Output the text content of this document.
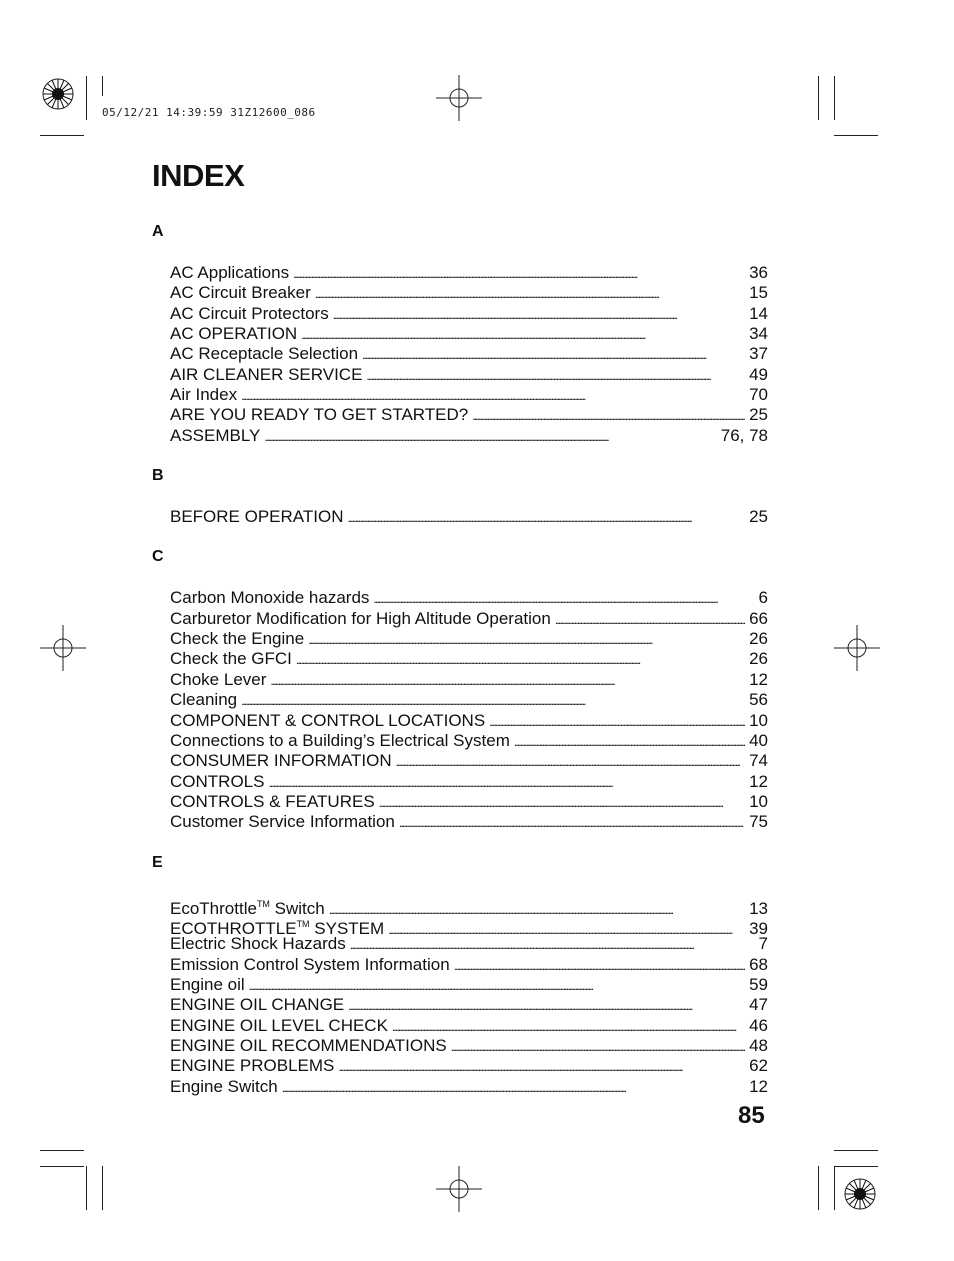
05/12/21 14:39:59 31Z12600_086
INDEX
A
AC Applications . . .	36
AC Circuit Breaker . . .	15
AC Circuit Protectors . . .	14
AC OPERATION . . .	34
AC Receptacle Selection . . .	37
AIR CLEANER SERVICE . . .	49
Air Index . . .	70
ARE YOU READY TO GET STARTED? . . .	25
ASSEMBLY . . .	76, 78
B
BEFORE OPERATION . . .	25
C
Carbon Monoxide hazards . . .	6
Carburetor Modification for High Altitude Operation . . .	66
Check the Engine . . .	26
Check the GFCI . . .	26
Choke Lever . . .	12
Cleaning . . .	56
COMPONENT & CONTROL LOCATIONS . . .	10
Connections to a Building’s Electrical System . . .	40
CONSUMER INFORMATION . . .	74
CONTROLS . . .	12
CONTROLS & FEATURES . . .	10
Customer Service Information . . .	75
E
EcoThrottle™ Switch . . .	13
ECOTHROTTLE™ SYSTEM . . .	39
Electric Shock Hazards . . .	7
Emission Control System Information . . .	68
Engine oil . . .	59
ENGINE OIL CHANGE . . .	47
ENGINE OIL LEVEL CHECK . . .	46
ENGINE OIL RECOMMENDATIONS . . .	48
ENGINE PROBLEMS . . .	62
Engine Switch . . .	12
85
